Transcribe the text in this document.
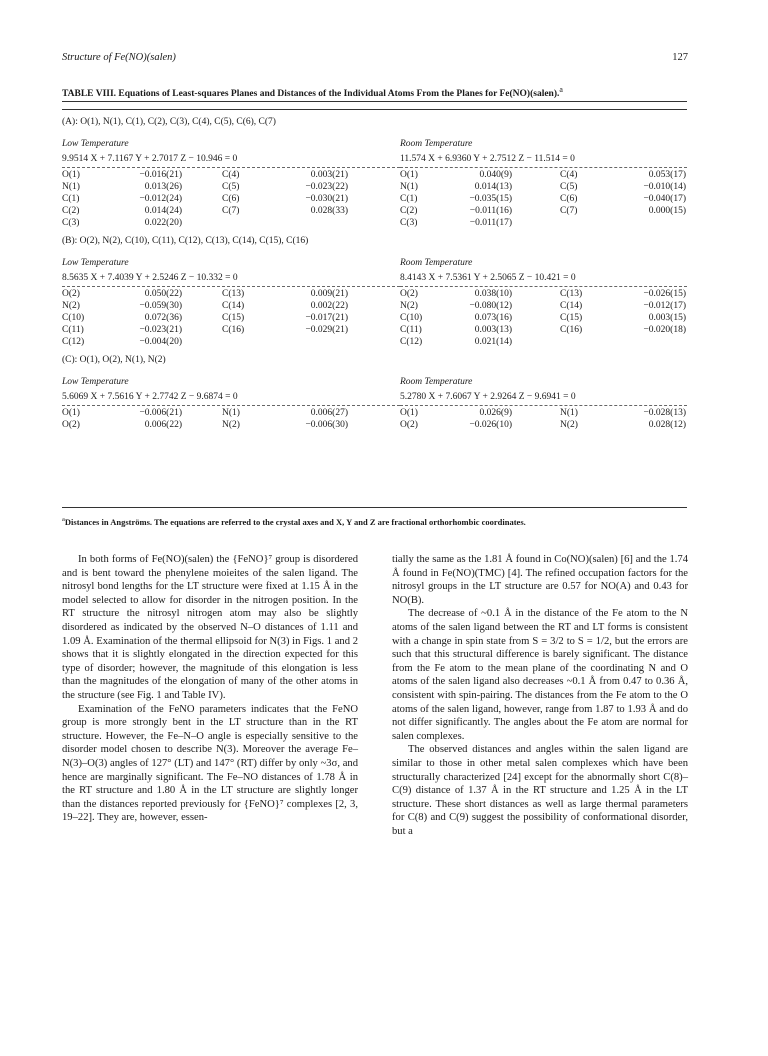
Structure of Fe(NO)(salen)	127
TABLE VIII. Equations of Least-squares Planes and Distances of the Individual Atoms From the Planes for Fe(NO)(salen).$^a$
(A): O(1), N(1), C(1), C(2), C(3), C(4), C(5), C(6), C(7)
Low Temperature
9.9514 X + 7.1167 Y + 2.7017 Z − 10.946 = 0
O(1)	−0.016(21)	C(4)	0.003(21)
N(1)	0.013(26)	C(5)	−0.023(22)
C(1)	−0.012(24)	C(6)	−0.030(21)
C(2)	0.014(24)	C(7)	0.028(33)
C(3)	0.022(20)
Room Temperature
11.574 X + 6.9360 Y + 2.7512 Z − 11.514 = 0
O(1)	0.040(9)	C(4)	0.053(17)
N(1)	0.014(13)	C(5)	−0.010(14)
C(1)	−0.035(15)	C(6)	−0.040(17)
C(2)	−0.011(16)	C(7)	0.000(15)
C(3)	−0.011(17)
(B): O(2), N(2), C(10), C(11), C(12), C(13), C(14), C(15), C(16)
Low Temperature
8.5635 X + 7.4039 Y + 2.5246 Z − 10.332 = 0
O(2)	0.050(22)	C(13)	0.009(21)
N(2)	−0.059(30)	C(14)	0.002(22)
C(10)	0.072(36)	C(15)	−0.017(21)
C(11)	−0.023(21)	C(16)	−0.029(21)
C(12)	−0.004(20)
Room Temperature
8.4143 X + 7.5361 Y + 2.5065 Z − 10.421 = 0
O(2)	0.038(10)	C(13)	−0.026(15)
N(2)	−0.080(12)	C(14)	−0.012(17)
C(10)	0.073(16)	C(15)	0.003(15)
C(11)	0.003(13)	C(16)	−0.020(18)
C(12)	0.021(14)
(C): O(1), O(2), N(1), N(2)
Low Temperature
5.6069 X + 7.5616 Y + 2.7742 Z − 9.6874 = 0
O(1)	−0.006(21)	N(1)	0.006(27)
O(2)	0.006(22)	N(2)	−0.006(30)
Room Temperature
5.2780 X + 7.6067 Y + 2.9264 Z − 9.6941 = 0
O(1)	0.026(9)	N(1)	−0.028(13)
O(2)	−0.026(10)	N(2)	0.028(12)
$^a$Distances in Angströms. The equations are referred to the crystal axes and X, Y and Z are fractional orthorhombic coordinates.

In both forms of Fe(NO)(salen) the {FeNO}⁷ group is disordered and is bent toward the phenylene moieites of the salen ligand. The nitrosyl bond lengths for the LT structure were fixed at 1.15 Å in the model selected to allow for disorder in the nitrogen position. In the RT structure the nitrosyl nitrogen atom may also be slightly disordered as indicated by the observed N–O distances of 1.11 and 1.09 Å. Examination of the thermal ellipsoid for N(3) in Figs. 1 and 2 shows that it is slightly elongated in the direction expected for this type of disorder; however, the magnitude of this elongation is less than the magnitudes of the elongation of many of the other atoms in the structure (see Fig. 1 and Table IV).

Examination of the FeNO parameters indicates that the FeNO group is more strongly bent in the LT structure than in the RT structure. However, the Fe–N–O angle is especially sensitive to the disorder model chosen to describe N(3). Moreover the average Fe–N(3)–O(3) angles of 127° (LT) and 147° (RT) differ by only ~3σ, and hence are marginally significant. The Fe–NO distances of 1.78 Å in the RT structure and 1.80 Å in the LT structure are slightly longer than the distances reported previously for {FeNO}⁷ complexes [2, 3, 19–22]. They are, however, essen-

tially the same as the 1.81 Å found in Co(NO)(salen) [6] and the 1.74 Å found in Fe(NO)(TMC) [4]. The refined occupation factors for the nitrosyl groups in the LT structure are 0.57 for NO(A) and 0.43 for NO(B).

The decrease of ~0.1 Å in the distance of the Fe atom to the N atoms of the salen ligand between the RT and LT forms is consistent with a change in spin state from S = 3/2 to S = 1/2, but the errors are such that this structural difference is barely significant. The distance from the Fe atom to the mean plane of the coordinating N and O atoms of the salen ligand also decreases ~0.1 Å from 0.47 to 0.36 Å, consistent with spin-pairing. The distances from the Fe atom to the O atoms of the salen ligand, however, range from 1.87 to 1.93 Å and do not differ significantly. The angles about the Fe atom are normal for salen complexes.

The observed distances and angles within the salen ligand are similar to those in other metal salen complexes which have been structurally characterized [24] except for the abnormally short C(8)–C(9) distance of 1.37 Å in the RT structure and 1.25 Å in the LT structure. These short distances as well as large thermal parameters for C(8) and C(9) suggest the possibility of conformational disorder, but a
